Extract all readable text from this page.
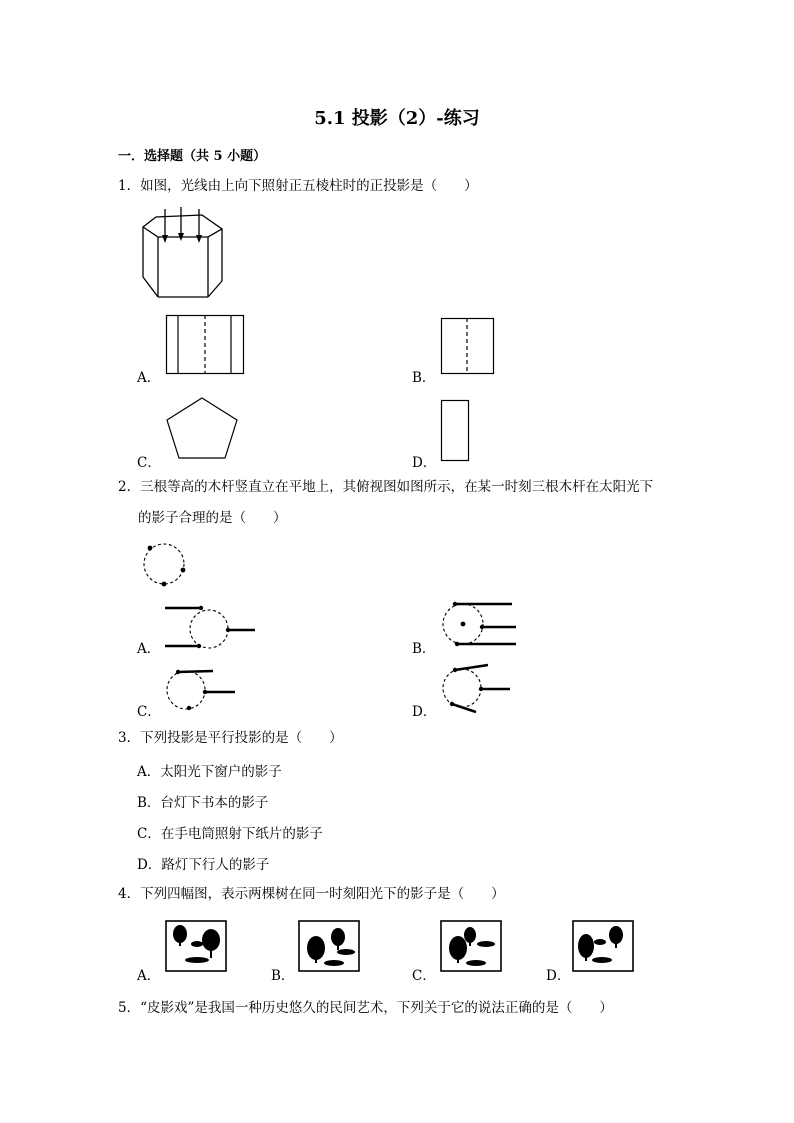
5.1 投影（2）-练习
一．选择题（共 5 小题）
1．如图，光线由上向下照射正五棱柱时的正投影是（　　）
A．	B．
C．	D．
2．三根等高的木杆竖直立在平地上，其俯视图如图所示，在某一时刻三根木杆在太阳光下
的影子合理的是（　　）
A．	B．
C．	D．
3．下列投影是平行投影的是（　　）
A．太阳光下窗户的影子
B．台灯下书本的影子
C．在手电筒照射下纸片的影子
D．路灯下行人的影子
4．下列四幅图，表示两棵树在同一时刻阳光下的影子是（　　）
A．	B．	C．	D．
5．“皮影戏”是我国一种历史悠久的民间艺术，下列关于它的说法正确的是（　　）
